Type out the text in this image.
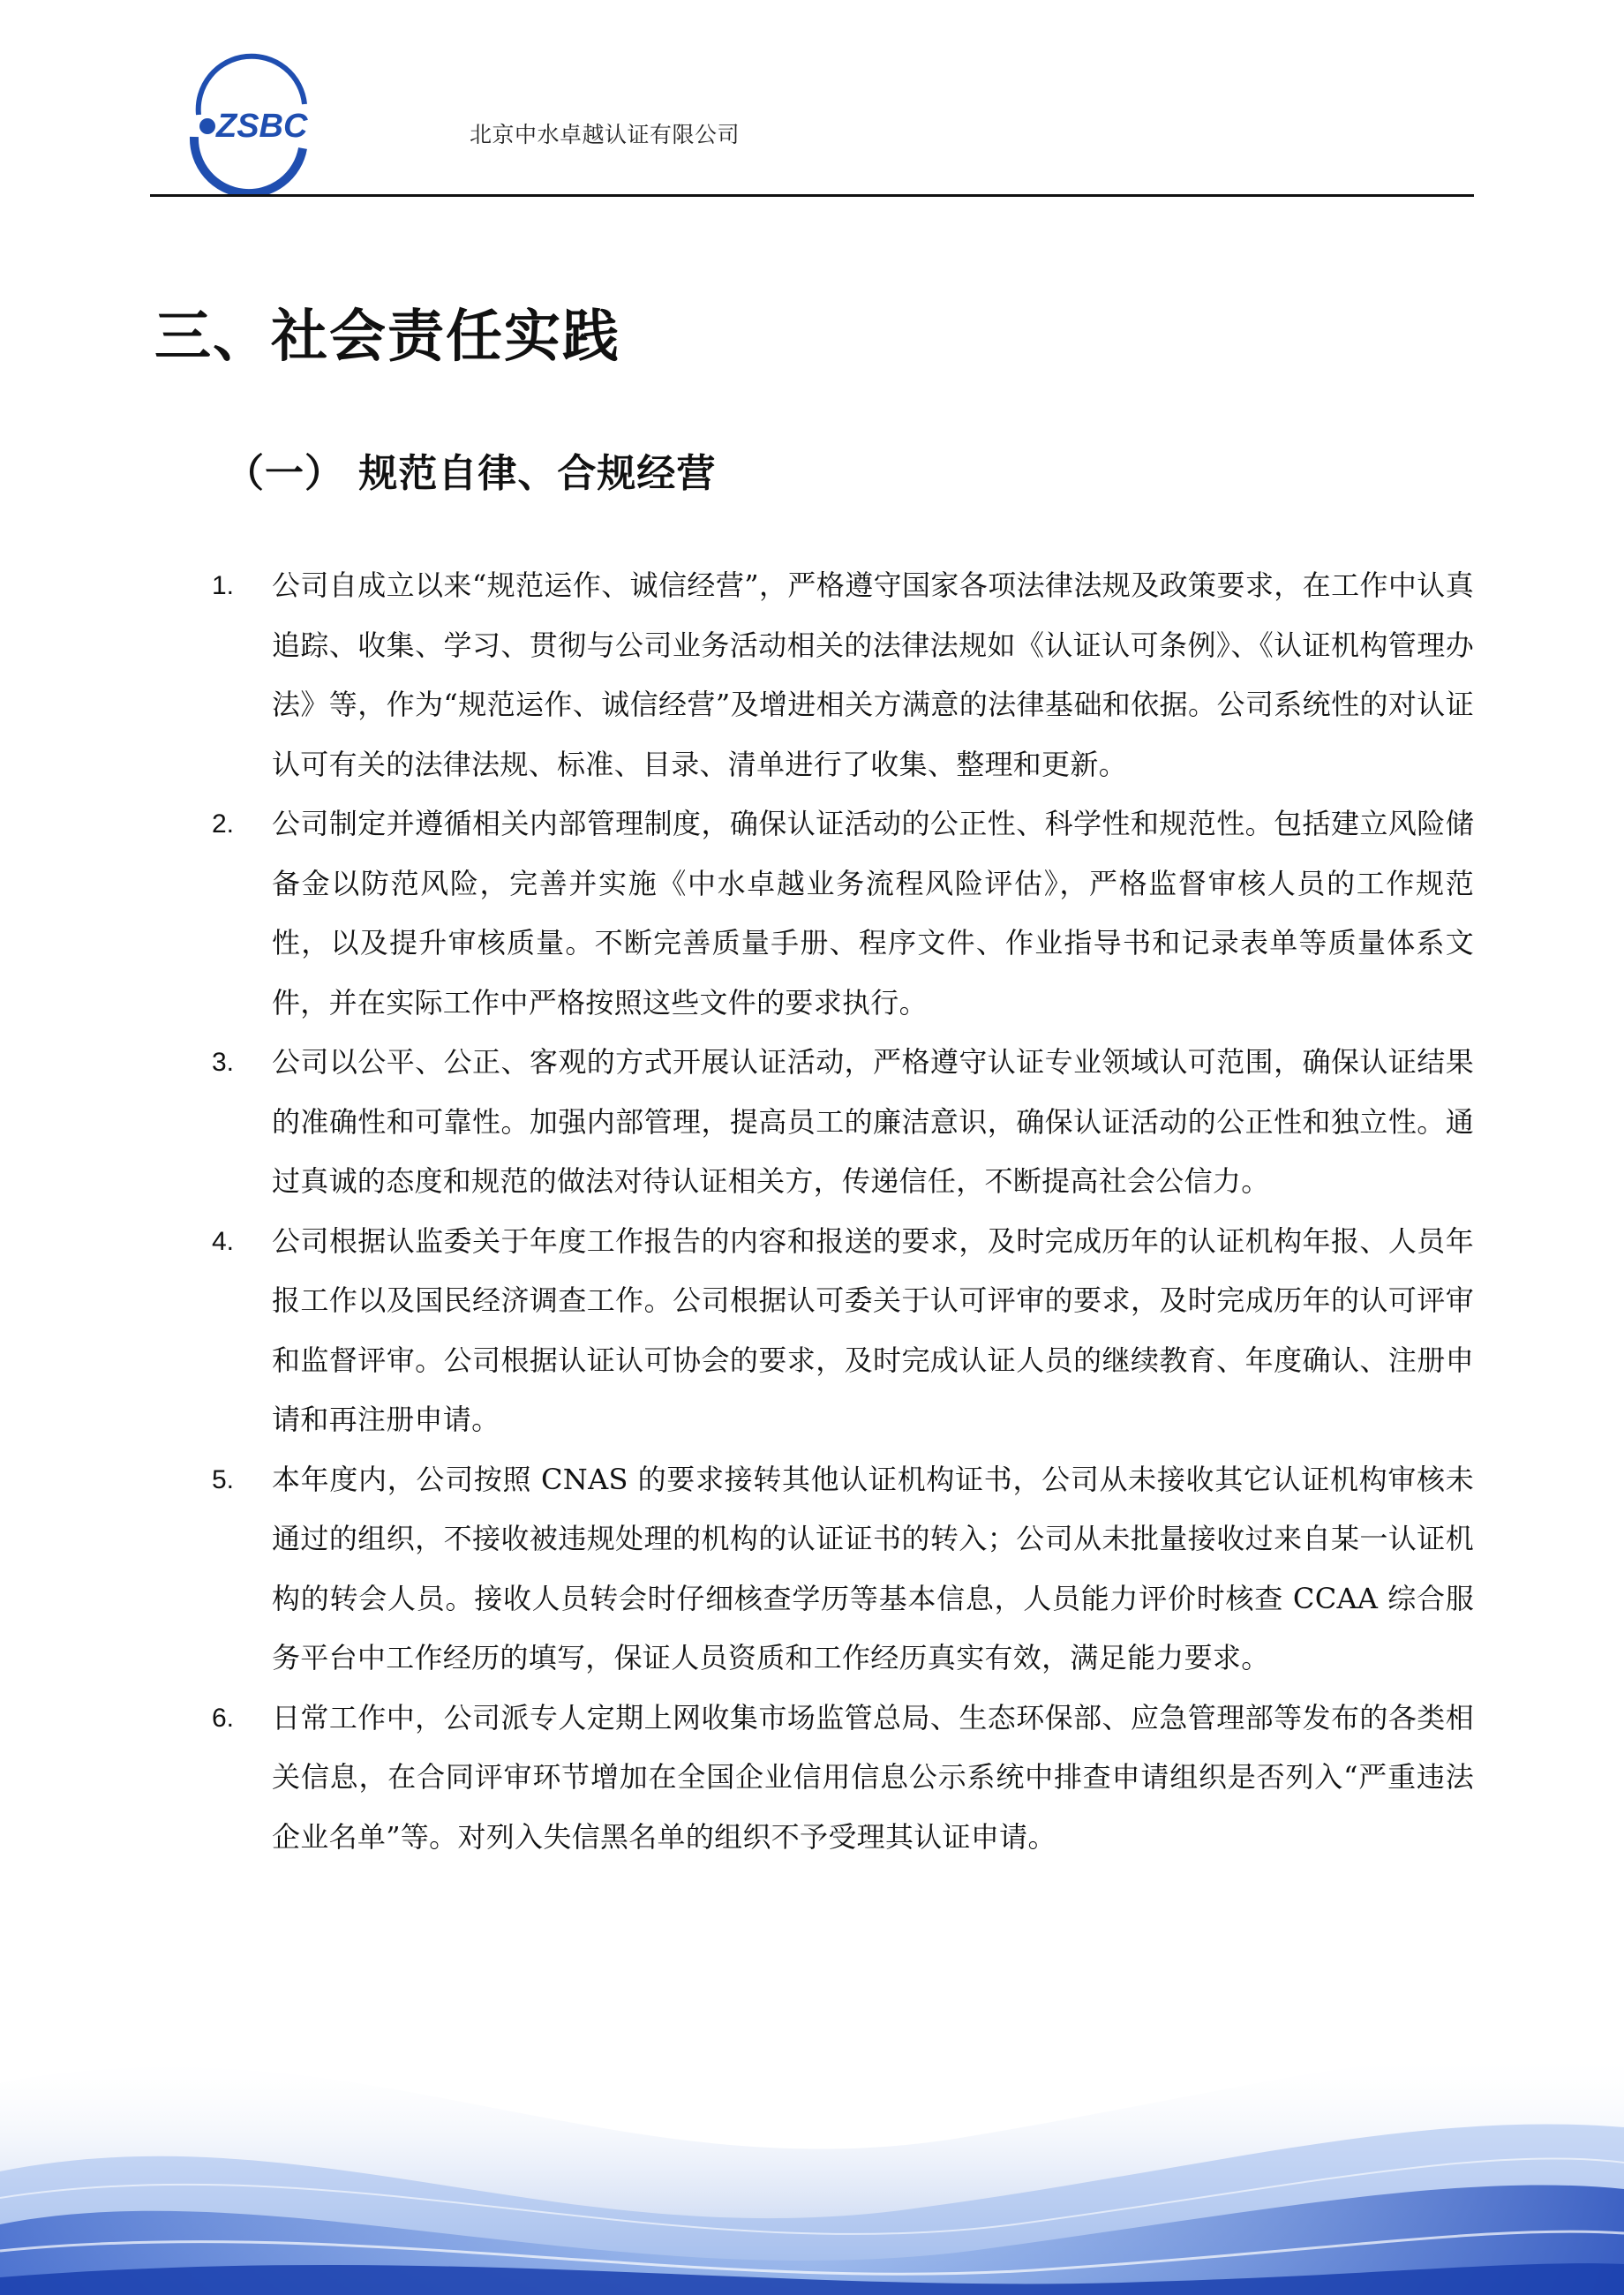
ZSBC	北京中水卓越认证有限公司
三、社会责任实践
（一） 规范自律、合规经营
1. 公司自成立以来“规范运作、诚信经营”，严格遵守国家各项法律法规及政策要求，在工作中认真追踪、收集、学习、贯彻与公司业务活动相关的法律法规如《认证认可条例》、《认证机构管理办法》等，作为“规范运作、诚信经营”及增进相关方满意的法律基础和依据。公司系统性的对认证认可有关的法律法规、标准、目录、清单进行了收集、整理和更新。
2. 公司制定并遵循相关内部管理制度，确保认证活动的公正性、科学性和规范性。包括建立风险储备金以防范风险，完善并实施《中水卓越业务流程风险评估》，严格监督审核人员的工作规范性，以及提升审核质量。不断完善质量手册、程序文件、作业指导书和记录表单等质量体系文件，并在实际工作中严格按照这些文件的要求执行。
3. 公司以公平、公正、客观的方式开展认证活动，严格遵守认证专业领域认可范围，确保认证结果的准确性和可靠性。加强内部管理，提高员工的廉洁意识，确保认证活动的公正性和独立性。通过真诚的态度和规范的做法对待认证相关方，传递信任，不断提高社会公信力。
4. 公司根据认监委关于年度工作报告的内容和报送的要求，及时完成历年的认证机构年报、人员年报工作以及国民经济调查工作。公司根据认可委关于认可评审的要求，及时完成历年的认可评审和监督评审。公司根据认证认可协会的要求，及时完成认证人员的继续教育、年度确认、注册申请和再注册申请。
5. 本年度内，公司按照 CNAS 的要求接转其他认证机构证书，公司从未接收其它认证机构审核未通过的组织，不接收被违规处理的机构的认证证书的转入；公司从未批量接收过来自某一认证机构的转会人员。接收人员转会时仔细核查学历等基本信息，人员能力评价时核查 CCAA 综合服务平台中工作经历的填写，保证人员资质和工作经历真实有效，满足能力要求。
6. 日常工作中，公司派专人定期上网收集市场监管总局、生态环保部、应急管理部等发布的各类相关信息，在合同评审环节增加在全国企业信用信息公示系统中排查申请组织是否列入“严重违法企业名单”等。对列入失信黑名单的组织不予受理其认证申请。
